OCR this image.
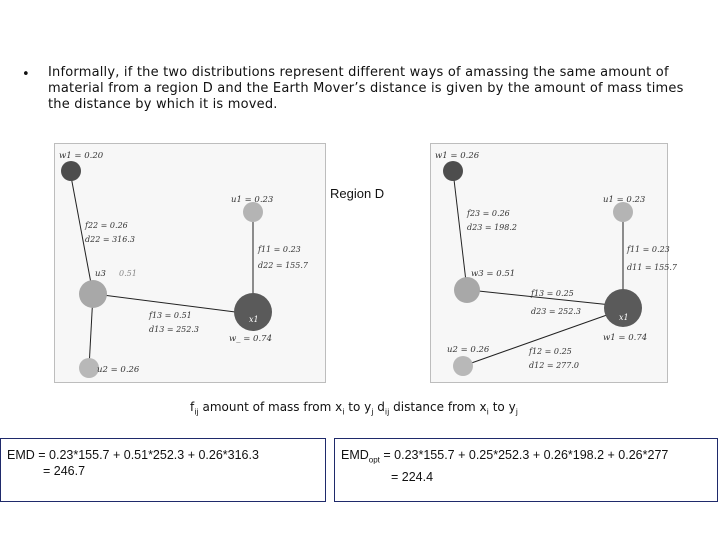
• Informally, if the two distributions represent different ways of amassing the same amount of material from a region D and the Earth Mover’s distance is given by the amount of mass times the distance by which it is moved.
w1 = 0.20
u1 = 0.23
u3 0.51
u2 = 0.26
x1
w_ = 0.74
f22 = 0.26
d22 = 316.3
f11 = 0.23
d22 = 155.7
f13 = 0.51
d13 = 252.3
Region D
w1 = 0.26
u1 = 0.23
w3 = 0.51
u2 = 0.26
x1
w1 = 0.74
f23 = 0.26
d23 = 198.2
f11 = 0.23
d11 = 155.7
f13 = 0.25
d23 = 252.3
f12 = 0.25
d12 = 277.0
$f_{ij}$ amount of mass from $x_i$ to $y_j$ $d_{ij}$ distance from $x_i$ to $y_j$
EMD = 0.23*155.7 + 0.51*252.3 + 0.26*316.3
= 246.7
$EMD_{opt} = 0.23*155.7 + 0.25*252.3 + 0.26*198.2 + 0.26*277$
= 224.4
